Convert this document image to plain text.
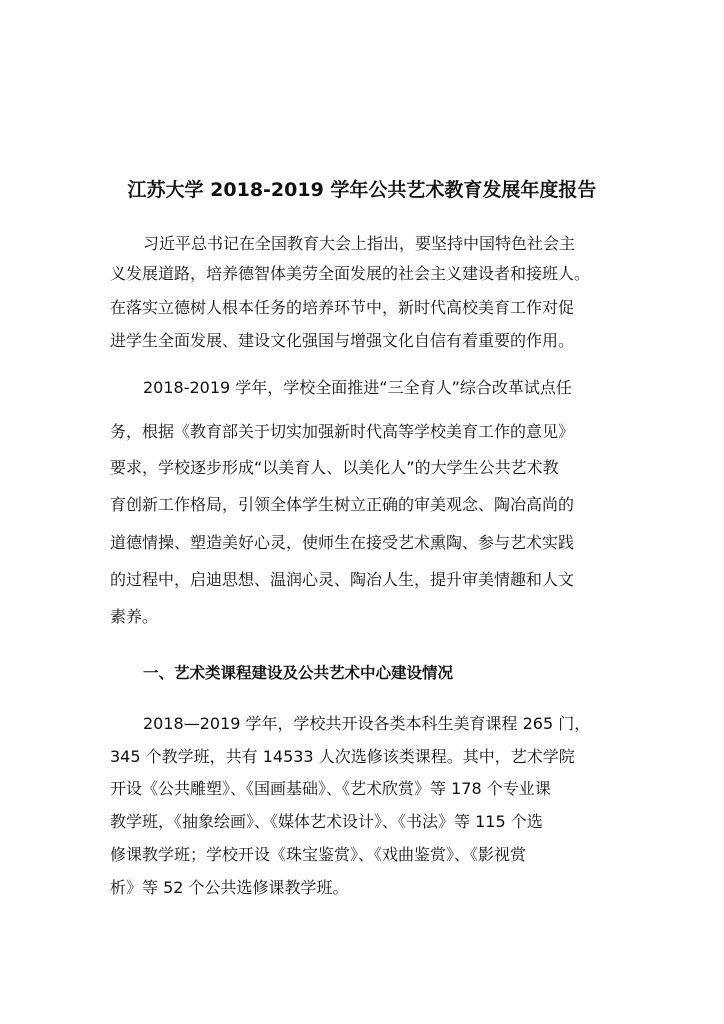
江苏大学 2018-2019 学年公共艺术教育发展年度报告
习近平总书记在全国教育大会上指出，要坚持中国特色社会主
义发展道路，培养德智体美劳全面发展的社会主义建设者和接班人。
在落实立德树人根本任务的培养环节中，新时代高校美育工作对促
进学生全面发展、建设文化强国与增强文化自信有着重要的作用。
2018-2019 学年，学校全面推进“三全育人”综合改革试点任
务，根据《教育部关于切实加强新时代高等学校美育工作的意见》
要求，学校逐步形成“以美育人、以美化人”的大学生公共艺术教
育创新工作格局，引领全体学生树立正确的审美观念、陶冶高尚的
道德情操、塑造美好心灵，使师生在接受艺术熏陶、参与艺术实践
的过程中，启迪思想、温润心灵、陶冶人生，提升审美情趣和人文
素养。
一、艺术类课程建设及公共艺术中心建设情况
2018—2019 学年，学校共开设各类本科生美育课程 265 门，
345 个教学班，共有 14533 人次选修该类课程。其中，艺术学院
开设《公共雕塑》、《国画基础》、《艺术欣赏》等 178 个专业课
教学班，《抽象绘画》、《媒体艺术设计》、《书法》等 115 个选
修课教学班；学校开设《珠宝鉴赏》、《戏曲鉴赏》、《影视赏
析》等 52 个公共选修课教学班。
